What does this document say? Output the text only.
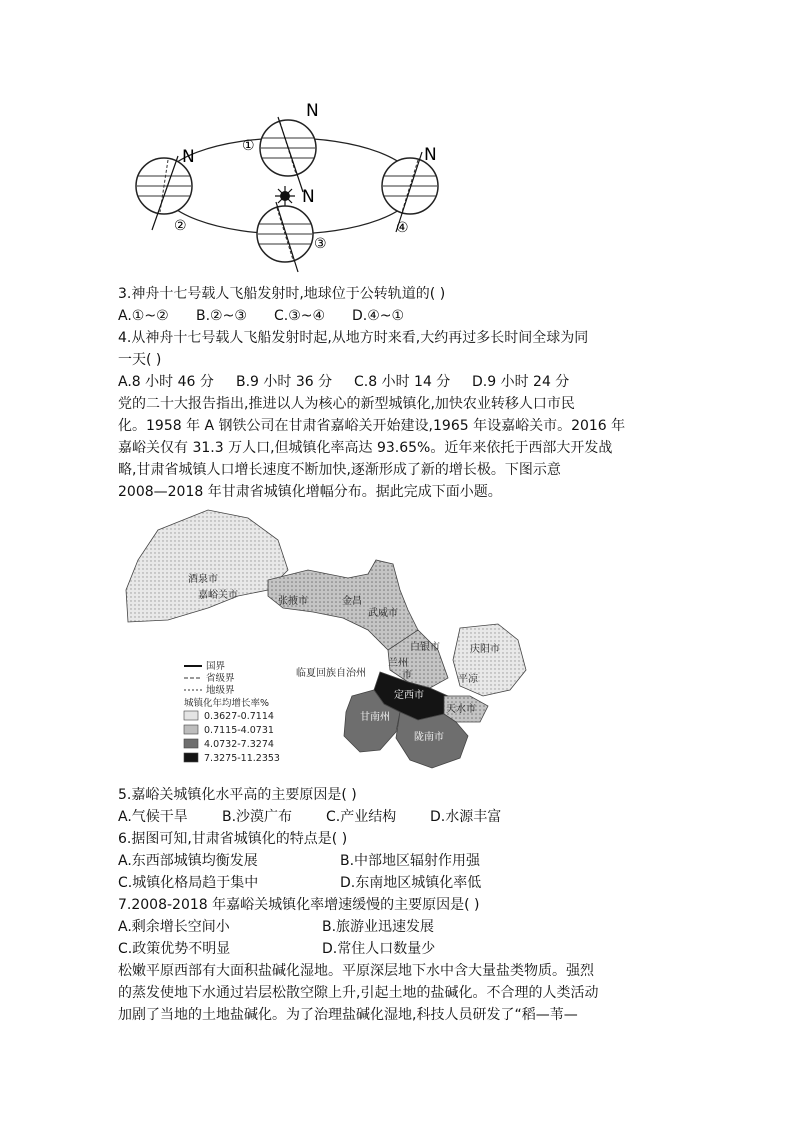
N
N
N
N
①
②
③
④
3.神舟十七号载人飞船发射时,地球位于公转轨道的( )
A.①~② B.②~③ C.③~④ D.④~①
4.从神舟十七号载人飞船发射时起,从地方时来看,大约再过多长时间全球为同
一天( )
A.8 小时 46 分 B.9 小时 36 分 C.8 小时 14 分 D.9 小时 24 分
党的二十大报告指出,推进以人为核心的新型城镇化,加快农业转移人口市民
化。1958 年 A 钢铁公司在甘肃省嘉峪关开始建设,1965 年设嘉峪关市。2016 年
嘉峪关仅有 31.3 万人口,但城镇化率高达 93.65%。近年来依托于西部大开发战
略,甘肃省城镇人口增长速度不断加快,逐渐形成了新的增长极。下图示意
2008—2018 年甘肃省城镇化增幅分布。据此完成下面小题。
酒泉市
嘉峪关市
张掖市	金昌
武威市
白银市
兰州
市
庆阳市
平凉
临夏回族自治州
定西市
甘南州
天水市
陇南市
国界
省级界
地级界
城镇化年均增长率%
0.3627-0.7114
0.7115-4.0731
4.0732-7.3274
7.3275-11.2353
5.嘉峪关城镇化水平高的主要原因是( )
A.气候干旱 B.沙漠广布 C.产业结构 D.水源丰富
6.据图可知,甘肃省城镇化的特点是( )
A.东西部城镇均衡发展	B.中部地区辐射作用强
C.城镇化格局趋于集中	D.东南地区城镇化率低
7.2008-2018 年嘉峪关城镇化率增速缓慢的主要原因是( )
A.剩余增长空间小	B.旅游业迅速发展
C.政策优势不明显	D.常住人口数量少
松嫩平原西部有大面积盐碱化湿地。平原深层地下水中含大量盐类物质。强烈
的蒸发使地下水通过岩层松散空隙上升,引起土地的盐碱化。不合理的人类活动
加剧了当地的土地盐碱化。为了治理盐碱化湿地,科技人员研发了“稻—苇—
